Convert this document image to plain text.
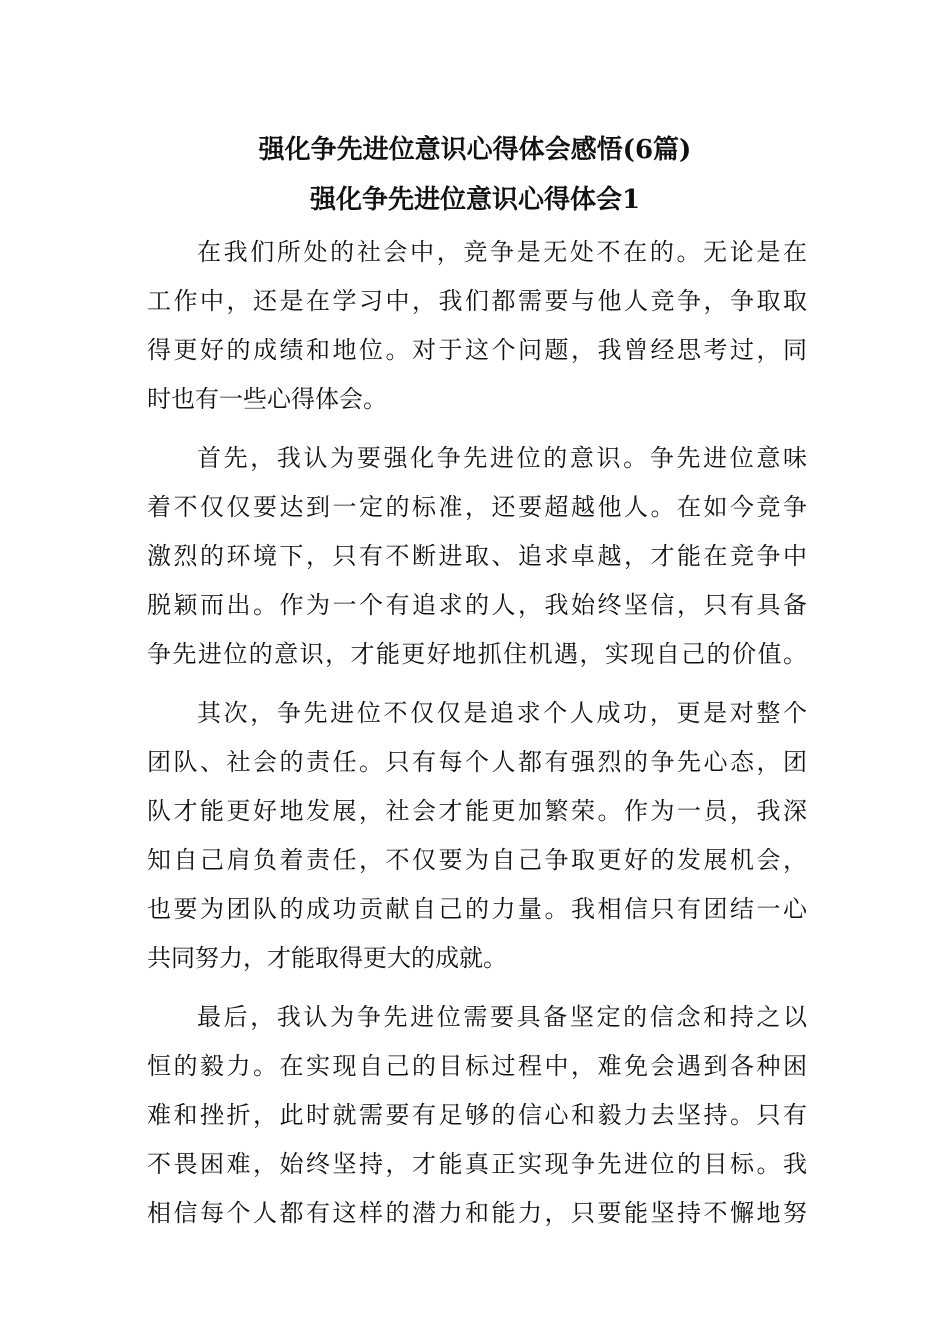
强化争先进位意识心得体会感悟(6篇)
强化争先进位意识心得体会1
在我们所处的社会中，竞争是无处不在的。无论是在
工作中，还是在学习中，我们都需要与他人竞争，争取取
得更好的成绩和地位。对于这个问题，我曾经思考过，同
时也有一些心得体会。
首先，我认为要强化争先进位的意识。争先进位意味
着不仅仅要达到一定的标准，还要超越他人。在如今竞争
激烈的环境下，只有不断进取、追求卓越，才能在竞争中
脱颖而出。作为一个有追求的人，我始终坚信，只有具备
争先进位的意识，才能更好地抓住机遇，实现自己的价值。
其次，争先进位不仅仅是追求个人成功，更是对整个
团队、社会的责任。只有每个人都有强烈的争先心态，团
队才能更好地发展，社会才能更加繁荣。作为一员，我深
知自己肩负着责任，不仅要为自己争取更好的发展机会，
也要为团队的成功贡献自己的力量。我相信只有团结一心
共同努力，才能取得更大的成就。
最后，我认为争先进位需要具备坚定的信念和持之以
恒的毅力。在实现自己的目标过程中，难免会遇到各种困
难和挫折，此时就需要有足够的信心和毅力去坚持。只有
不畏困难，始终坚持，才能真正实现争先进位的目标。我
相信每个人都有这样的潜力和能力，只要能坚持不懈地努
